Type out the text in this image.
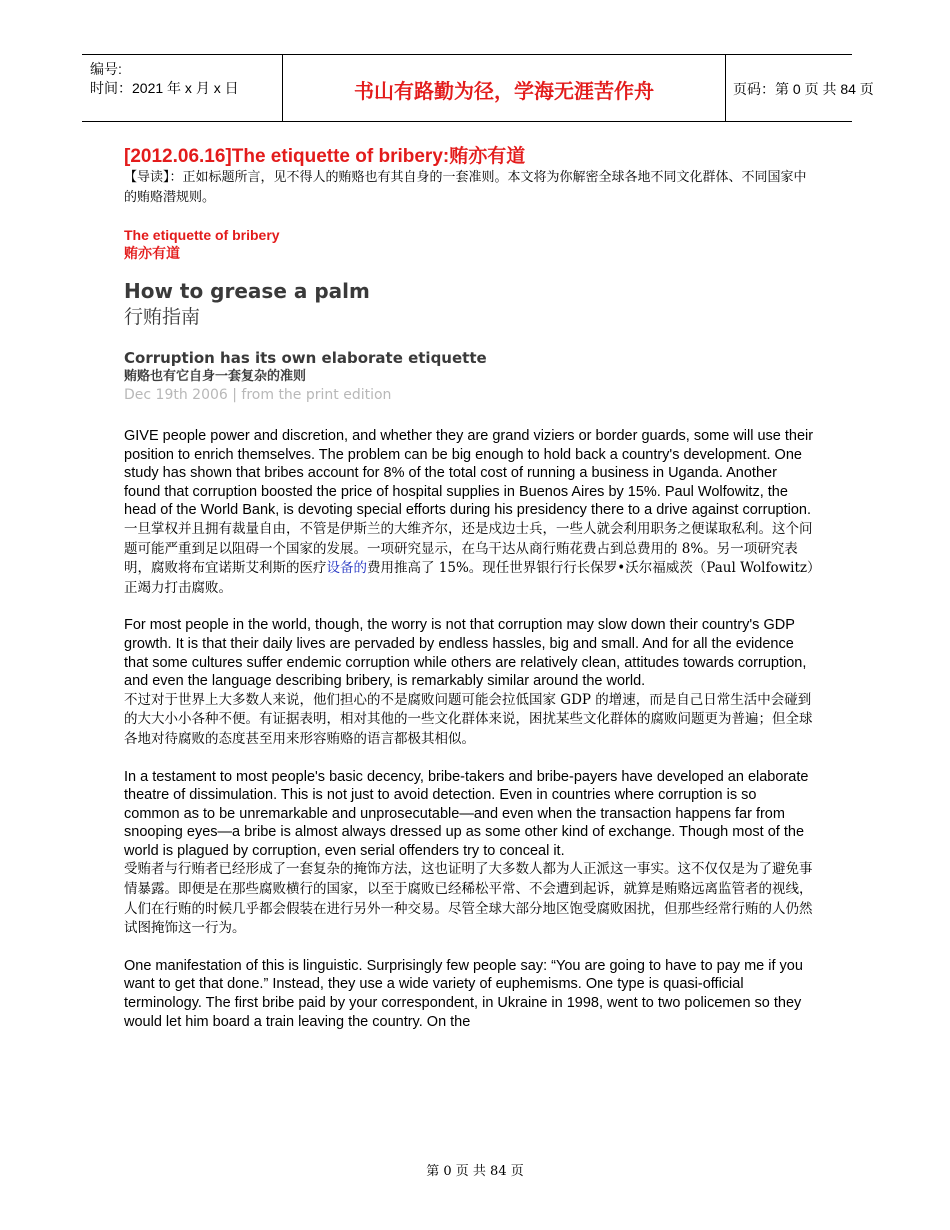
编号:
时间：2021 年 x 月 x 日	书山有路勤为径，学海无涯苦作舟	页码：第 0 页 共 84 页

[2012.06.16]The etiquette of bribery:贿亦有道

【导读】：正如标题所言，见不得人的贿赂也有其自身的一套准则。本文将为你解密全球各地不同文化群体、不同国家中的贿赂潜规则。

The etiquette of bribery

贿亦有道

How to grease a palm

行贿指南

Corruption has its own elaborate etiquette

贿赂也有它自身一套复杂的准则

Dec 19th 2006 | from the print edition

GIVE people power and discretion, and whether they are grand viziers or border guards, some will use their position to enrich themselves. The problem can be big enough to hold back a country's development. One study has shown that bribes account for 8% of the total cost of running a business in Uganda. Another found that corruption boosted the price of hospital supplies in Buenos Aires by 15%. Paul Wolfowitz, the head of the World Bank, is devoting special efforts during his presidency there to a drive against corruption.

一旦掌权并且拥有裁量自由，不管是伊斯兰的大维齐尔，还是戍边士兵，一些人就会利用职务之便谋取私利。这个问题可能严重到足以阻碍一个国家的发展。一项研究显示，在乌干达从商行贿花费占到总费用的 8%。另一项研究表明，腐败将布宜诺斯艾利斯的医疗设备的费用推高了 15%。现任世界银行行长保罗•沃尔福威茨（Paul Wolfowitz）正竭力打击腐败。

For most people in the world, though, the worry is not that corruption may slow down their country's GDP growth. It is that their daily lives are pervaded by endless hassles, big and small. And for all the evidence that some cultures suffer endemic corruption while others are relatively clean, attitudes towards corruption, and even the language describing bribery, is remarkably similar around the world.

不过对于世界上大多数人来说，他们担心的不是腐败问题可能会拉低国家 GDP 的增速，而是自己日常生活中会碰到的大大小小各种不便。有证据表明，相对其他的一些文化群体来说，困扰某些文化群体的腐败问题更为普遍；但全球各地对待腐败的态度甚至用来形容贿赂的语言都极其相似。

In a testament to most people's basic decency, bribe-takers and bribe-payers have developed an elaborate theatre of dissimulation. This is not just to avoid detection. Even in countries where corruption is so common as to be unremarkable and unprosecutable—and even when the transaction happens far from snooping eyes—a bribe is almost always dressed up as some other kind of exchange. Though most of the world is plagued by corruption, even serial offenders try to conceal it.

受贿者与行贿者已经形成了一套复杂的掩饰方法，这也证明了大多数人都为人正派这一事实。这不仅仅是为了避免事情暴露。即便是在那些腐败横行的国家，以至于腐败已经稀松平常、不会遭到起诉，就算是贿赂远离监管者的视线，人们在行贿的时候几乎都会假装在进行另外一种交易。尽管全球大部分地区饱受腐败困扰，但那些经常行贿的人仍然试图掩饰这一行为。

One manifestation of this is linguistic. Surprisingly few people say: “You are going to have to pay me if you want to get that done.” Instead, they use a wide variety of euphemisms. One type is quasi-official terminology. The first bribe paid by your correspondent, in Ukraine in 1998, went to two policemen so they would let him board a train leaving the country. On the

第 0 页 共 84 页
